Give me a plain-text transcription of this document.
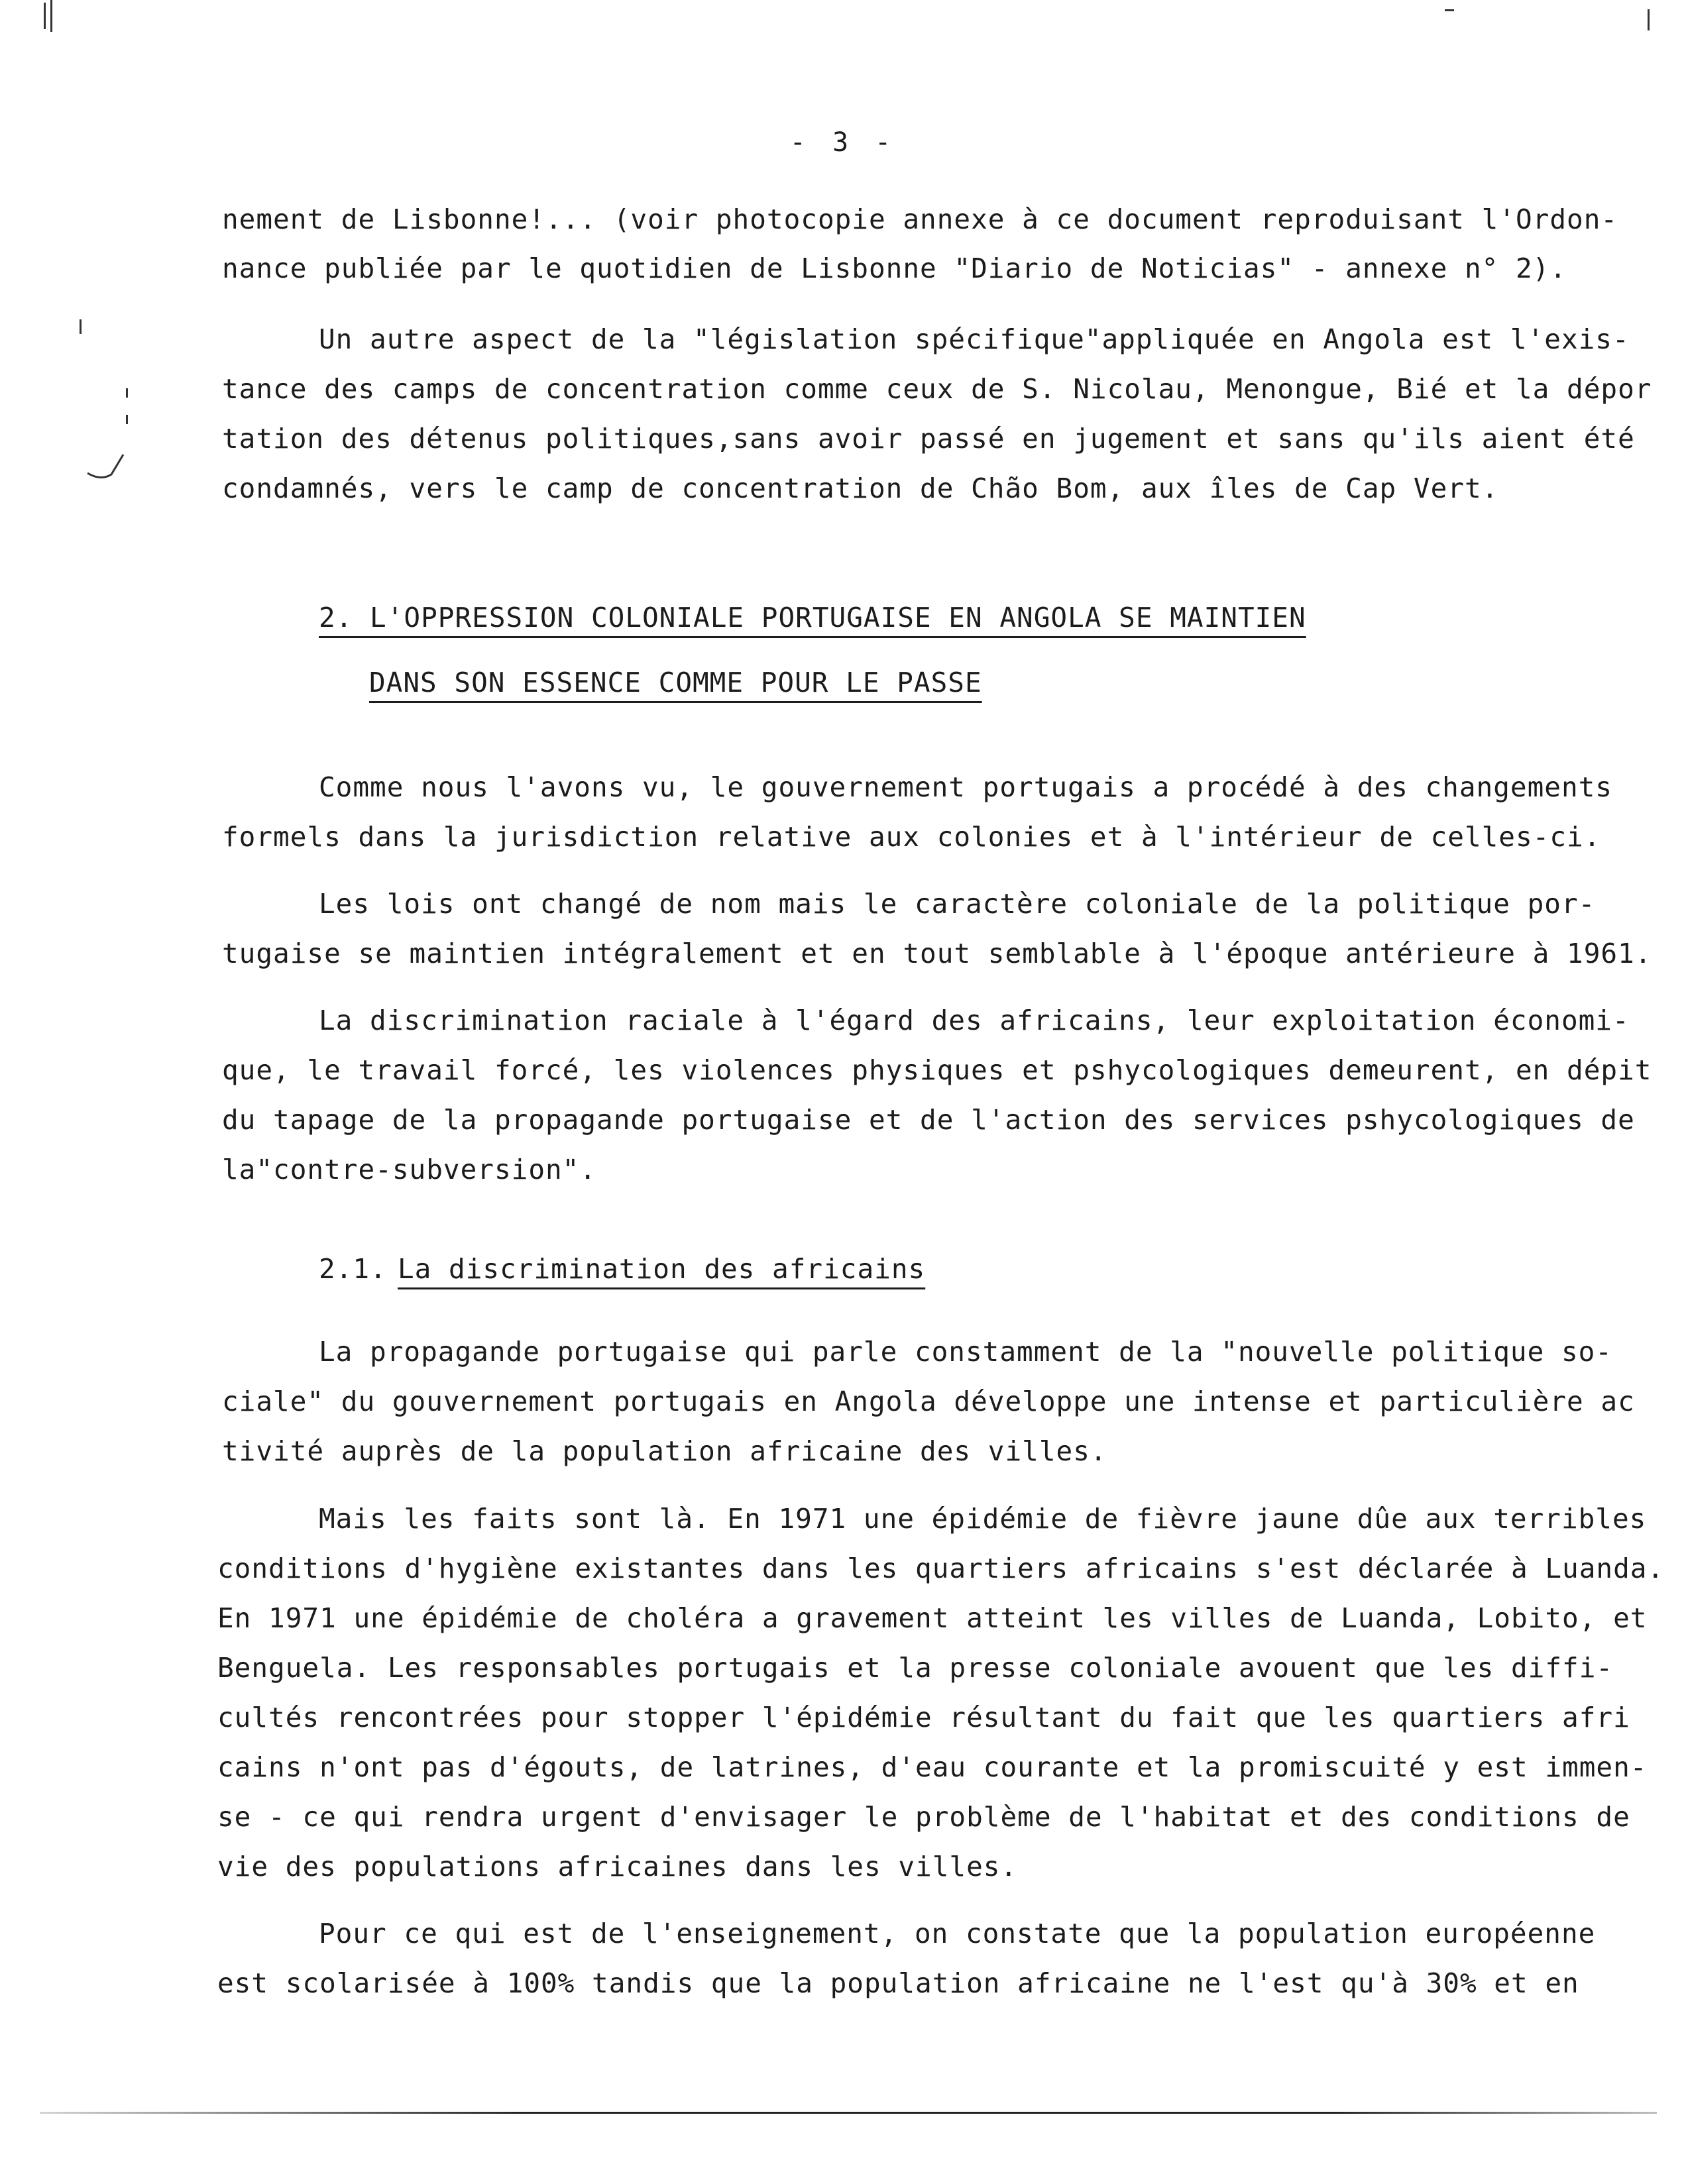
- 3 -
nement de Lisbonne!... (voir photocopie annexe à ce document reproduisant l'Ordon-
nance publiée par le quotidien de Lisbonne "Diario de Noticias" - annexe n° 2).
Un autre aspect de la "législation spécifique"appliquée en Angola est l'exis-
tance des camps de concentration comme ceux de S. Nicolau, Menongue, Bié et la dépor
tation des détenus politiques,sans avoir passé en jugement et sans qu'ils aient été
condamnés, vers le camp de concentration de Chão Bom, aux îles de Cap Vert.
2. L'OPPRESSION COLONIALE PORTUGAISE EN ANGOLA SE MAINTIEN
DANS SON ESSENCE COMME POUR LE PASSE
Comme nous l'avons vu, le gouvernement portugais a procédé à des changements
formels dans la jurisdiction relative aux colonies et à l'intérieur de celles-ci.
Les lois ont changé de nom mais le caractère coloniale de la politique por-
tugaise se maintien intégralement et en tout semblable à l'époque antérieure à 1961.
La discrimination raciale à l'égard des africains, leur exploitation économi-
que, le travail forcé, les violences physiques et pshycologiques demeurent, en dépit
du tapage de la propagande portugaise et de l'action des services pshycologiques de
la"contre-subversion".
2.1. La discrimination des africains
La propagande portugaise qui parle constamment de la "nouvelle politique so-
ciale" du gouvernement portugais en Angola développe une intense et particulière ac
tivité auprès de la population africaine des villes.
Mais les faits sont là. En 1971 une épidémie de fièvre jaune dûe aux terribles
conditions d'hygiène existantes dans les quartiers africains s'est déclarée à Luanda.
En 1971 une épidémie de choléra a gravement atteint les villes de Luanda, Lobito, et
Benguela. Les responsables portugais et la presse coloniale avouent que les diffi-
cultés rencontrées pour stopper l'épidémie résultant du fait que les quartiers afri
cains n'ont pas d'égouts, de latrines, d'eau courante et la promiscuité y est immen-
se - ce qui rendra urgent d'envisager le problème de l'habitat et des conditions de
vie des populations africaines dans les villes.
Pour ce qui est de l'enseignement, on constate que la population européenne
est scolarisée à 100% tandis que la population africaine ne l'est qu'à 30% et en
